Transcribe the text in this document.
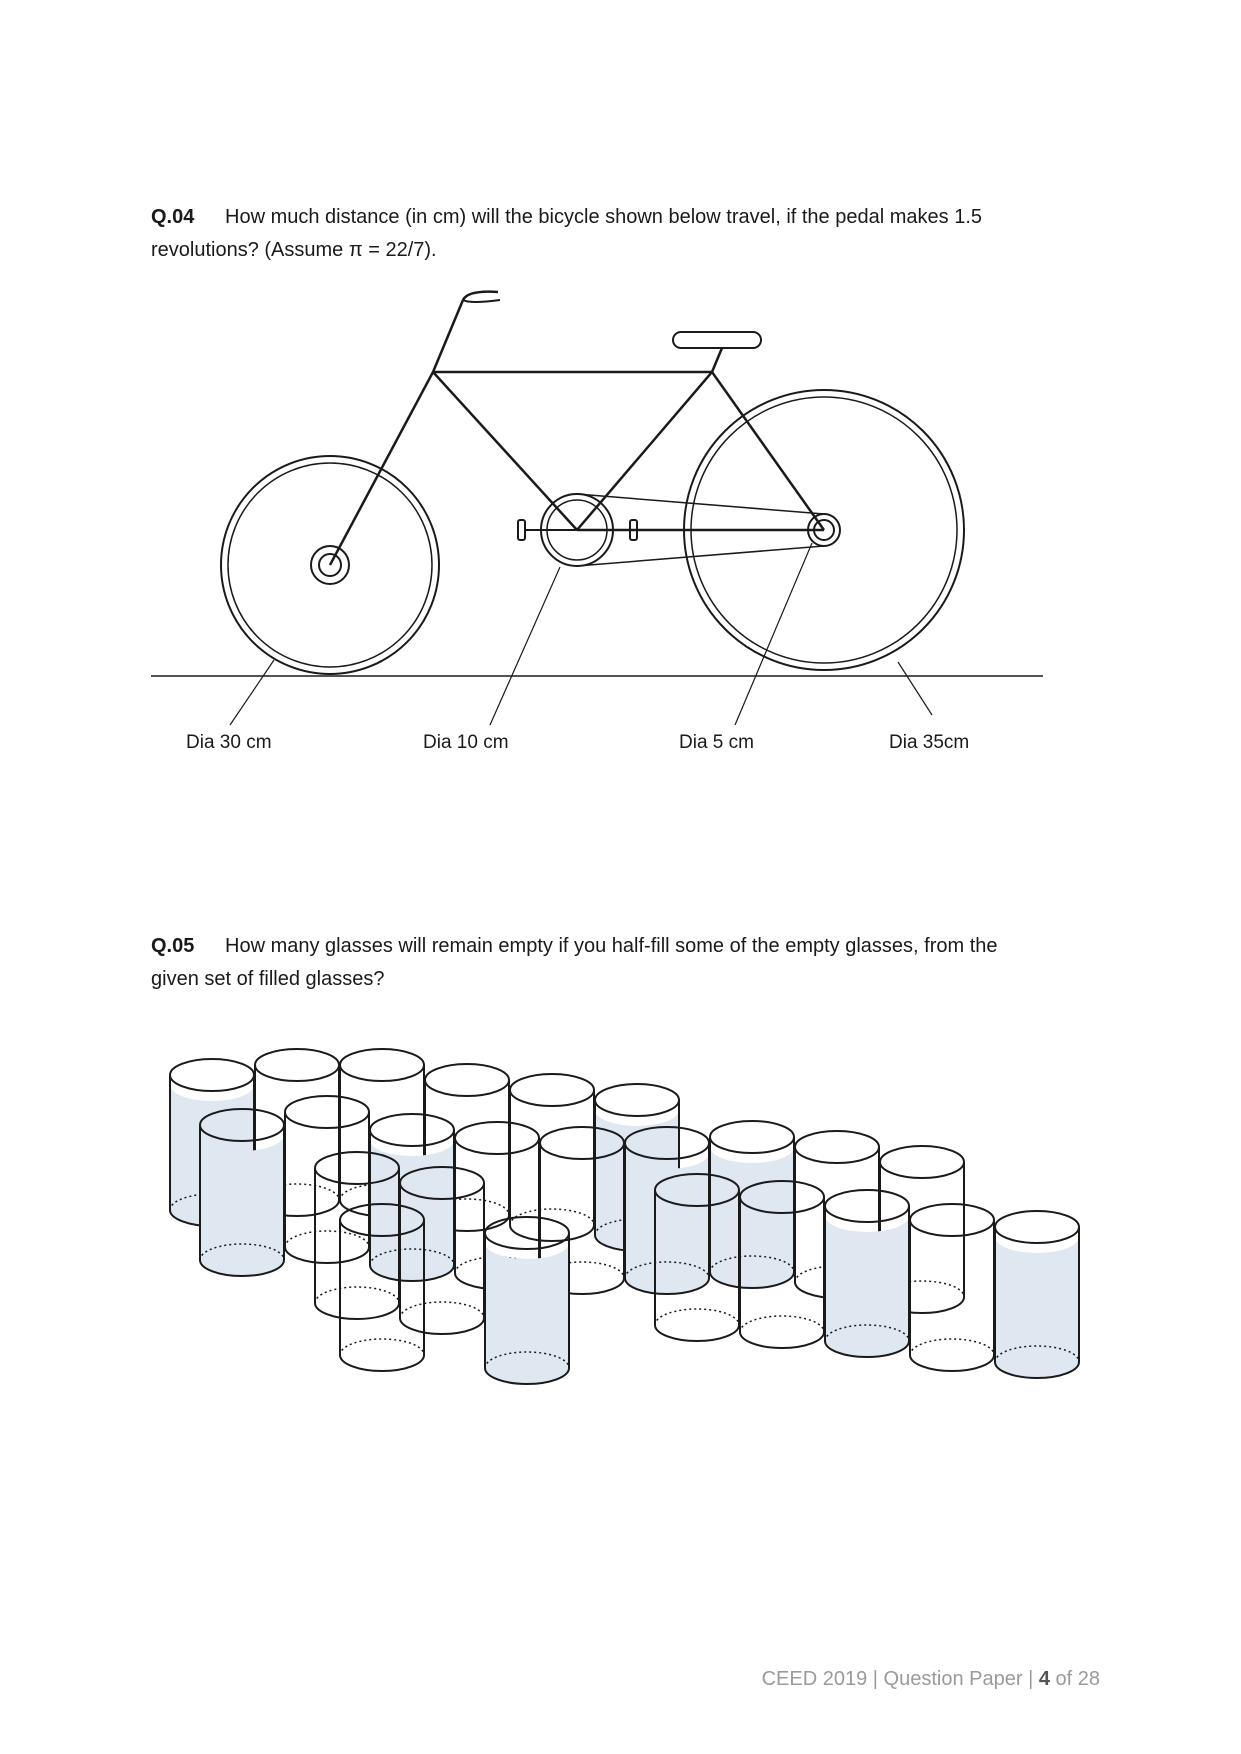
Q.04 How much distance (in cm) will the bicycle shown below travel, if the pedal makes 1.5
revolutions? (Assume π = 22/7).
Dia 30 cm	Dia 10 cm	Dia 5 cm	Dia 35cm
Q.05 How many glasses will remain empty if you half-fill some of the empty glasses, from the
given set of filled glasses?
CEED 2019 | Question Paper | 4 of 28
